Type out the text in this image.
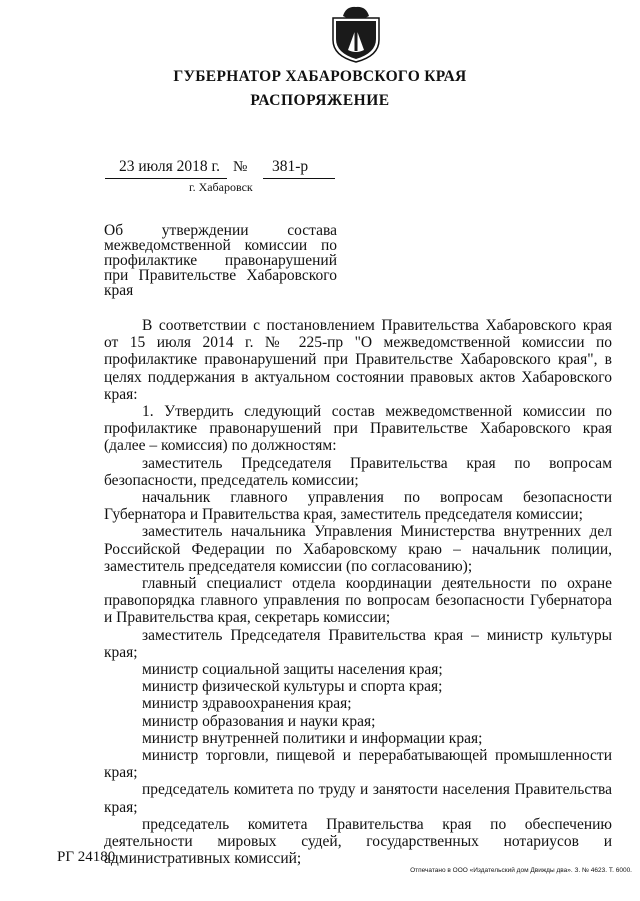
ГУБЕРНАТОР ХАБАРОВСКОГО КРАЯ
РАСПОРЯЖЕНИЕ
23 июля 2018 г. № 381-р
г. Хабаровск
Об утверждении состава межведомственной комиссии по профилактике правонарушений при Правительстве Хабаровского края

В соответствии с постановлением Правительства Хабаровского края от 15 июля 2014 г. № 225-пр "О межведомственной комиссии по профилактике правонарушений при Правительстве Хабаровского края", в целях поддержания в актуальном состоянии правовых актов Хабаровского края:

1. Утвердить следующий состав межведомственной комиссии по профилактике правонарушений при Правительстве Хабаровского края (далее – комиссия) по должностям:

заместитель Председателя Правительства края по вопросам безопасности, председатель комиссии;

начальник главного управления по вопросам безопасности Губернатора и Правительства края, заместитель председателя комиссии;

заместитель начальника Управления Министерства внутренних дел Российской Федерации по Хабаровскому краю – начальник полиции, заместитель председателя комиссии (по согласованию);

главный специалист отдела координации деятельности по охране правопорядка главного управления по вопросам безопасности Губернатора и Правительства края, секретарь комиссии;

заместитель Председателя Правительства края – министр культуры края;

министр социальной защиты населения края;

министр физической культуры и спорта края;

министр здравоохранения края;

министр образования и науки края;

министр внутренней политики и информации края;

министр торговли, пищевой и перерабатывающей промышленности края;

председатель комитета по труду и занятости населения Правительства края;

председатель комитета Правительства края по обеспечению деятельности мировых судей, государственных нотариусов и административных комиссий;

РГ 24180
Отпечатано в ООО «Издательский дом Движды два». З. № 4623. Т. 6000.
